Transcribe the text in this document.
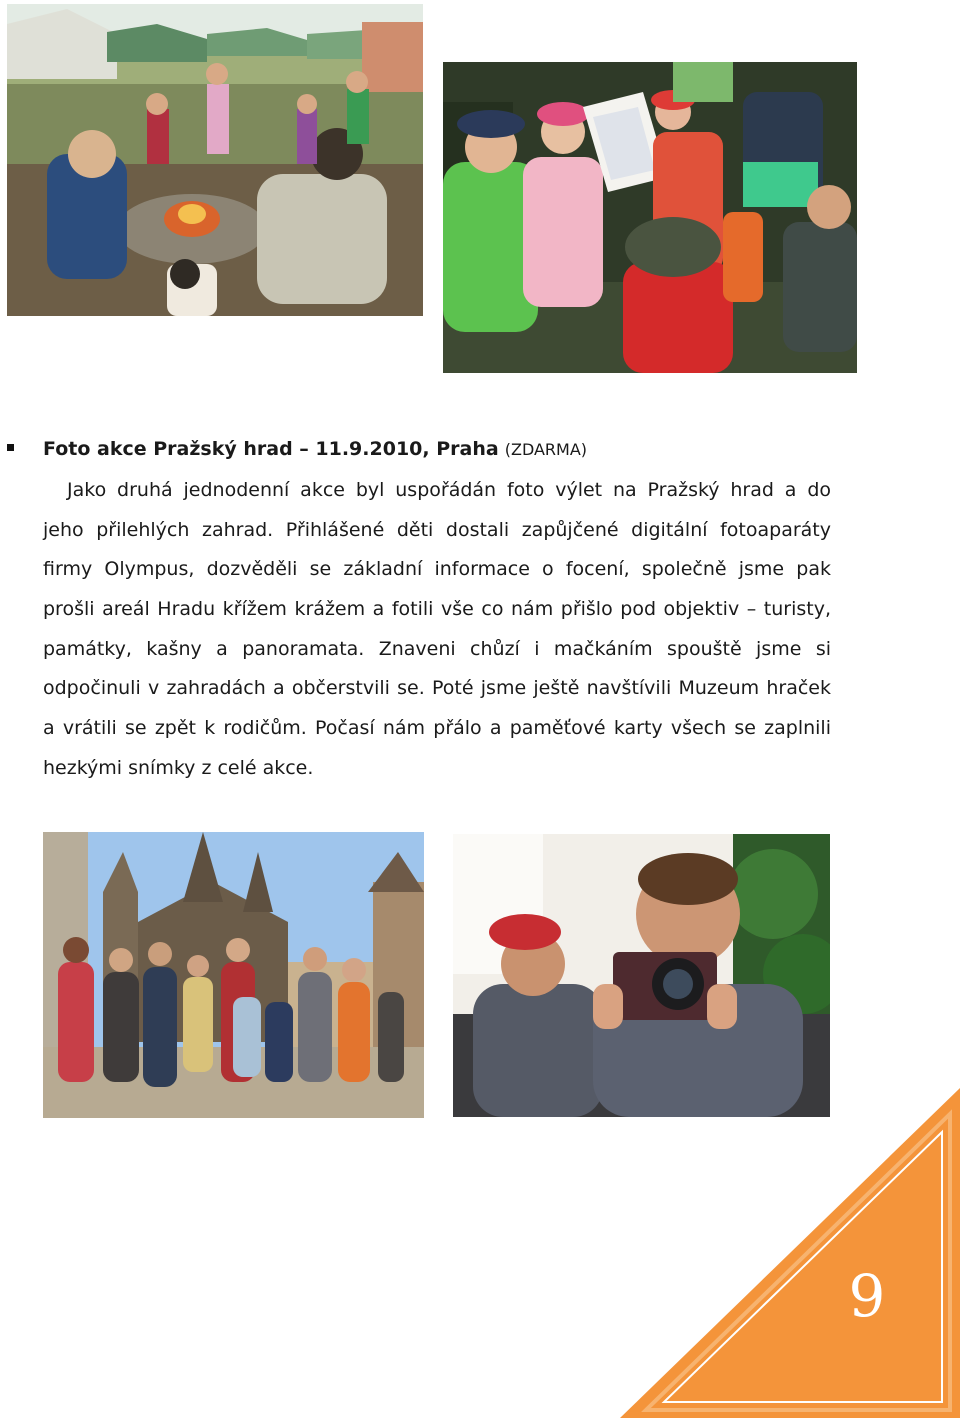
Foto akce Pražský hrad – 11.9.2010, Praha (ZDARMA)
Jako druhá jednodenní akce byl uspořádán foto výlet na Pražský hrad a do
jeho přilehlých zahrad. Přihlášené děti dostali zapůjčené digitální fotoaparáty
firmy Olympus, dozvěděli se základní informace o focení, společně jsme pak
prošli areál Hradu křížem krážem a fotili vše co nám přišlo pod objektiv – turisty,
památky, kašny a panoramata. Znaveni chůzí i mačkáním spouště jsme si
odpočinuli v zahradách a občerstvili se. Poté jsme ještě navštívili Muzeum hraček
a vrátili se zpět k rodičům. Počasí nám přálo a paměťové karty všech se zaplnili
hezkými snímky z celé akce.
9
